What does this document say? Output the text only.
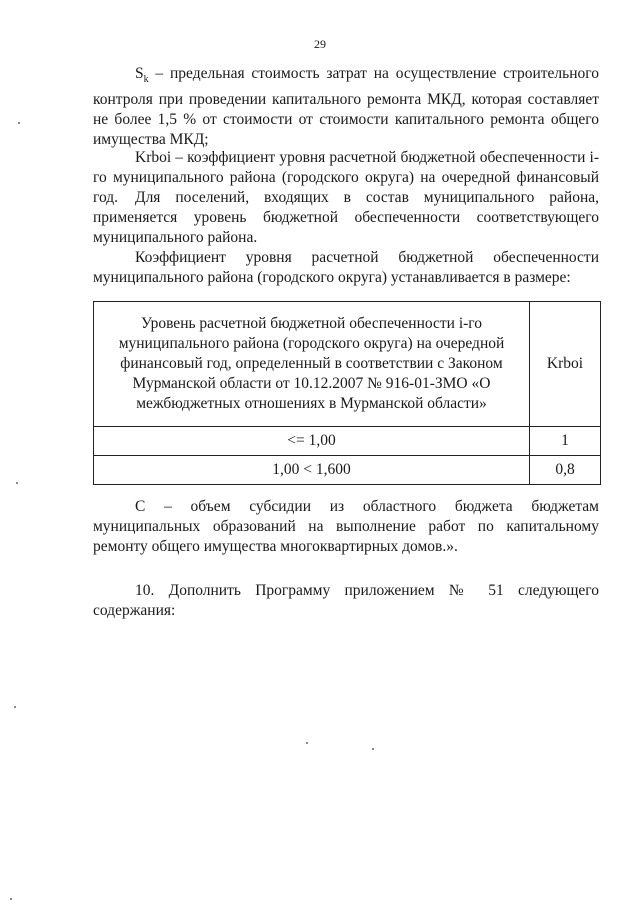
29

$S_k$ – предельная стоимость затрат на осуществление строительного контроля при проведении капитального ремонта МКД, которая составляет не более 1,5 % от стоимости от стоимости капитального ремонта общего имущества МКД;

Krboi – коэффициент уровня расчетной бюджетной обеспеченности i-го муниципального района (городского округа) на очередной финансовый год.	Для поселений, входящих в состав муниципального района, применяется уровень бюджетной обеспеченности соответствующего муниципального района.

Коэффициент уровня расчетной бюджетной обеспеченности муниципального района (городского округа) устанавливается в размере:

Уровень расчетной бюджетной обеспеченности i-го муниципального района (городского округа) на очередной финансовый год, определенный в соответствии с Законом Мурманской области от 10.12.2007 № 916-01-ЗМО «О межбюджетных отношениях в Мурманской области»	Krboi
<= 1,00	1
1,00 < 1,600	0,8

С – объем субсидии из областного бюджета бюджетам муниципальных образований на выполнение работ по капитальному ремонту общего имущества многоквартирных домов.».

10. Дополнить Программу приложением № 51 следующего содержания:
